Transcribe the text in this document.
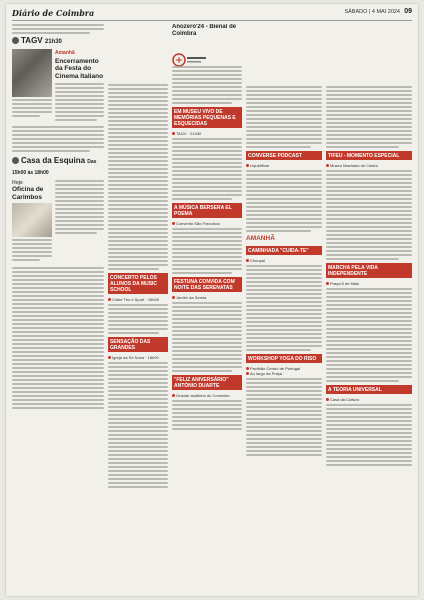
Diário de Coimbra	SÁBADO | 4 MAI 2024 09
TAGV 21h30
Amanhã Encerramento da Festa do Cinema Italiano
Casa da Esquina Das 15h00 às 18h00
Hoje
Oficina de Carimbos
CONCERTO PELOS ALUNOS DA MUSIC SCHOOL
Clube Tiro e Sport · 15h00
SENSAÇÃO DAS GRANDES
Igreja da Sé Nova · 18h00
Anozero'24 - Bienal de Coimbra
EM MUSEU VIVO DE MEMÓRIAS PEQUENAS E ESQUECIDAS
TAGV · 21h30
A MÚSICA BERSERA EL POEMA
Convento São Francisco
FESTUNA CONVIDA COM NOITE DAS SERENATAS
Jardim da Sereia
"FELIZ ANIVERSÁRIO" ANTÓNIO DUARTE
Grande auditório do Convento
CONVERSE PODCAST
Liquidificar
AMANHÃ
CAMINHADA "CUIDA-TE"
Choupal
WORKSHOP YOGA DO RISO
Pavilhão Centro de Portugal
Ao largo da Praça
TIFEU - MOMENTO ESPECIAL
Museu Machado de Castro
MARCHA PELA VIDA INDEPENDENTE
Praça 8 de Maio
A TEORIA UNIVERSAL
Casa da Cultura
